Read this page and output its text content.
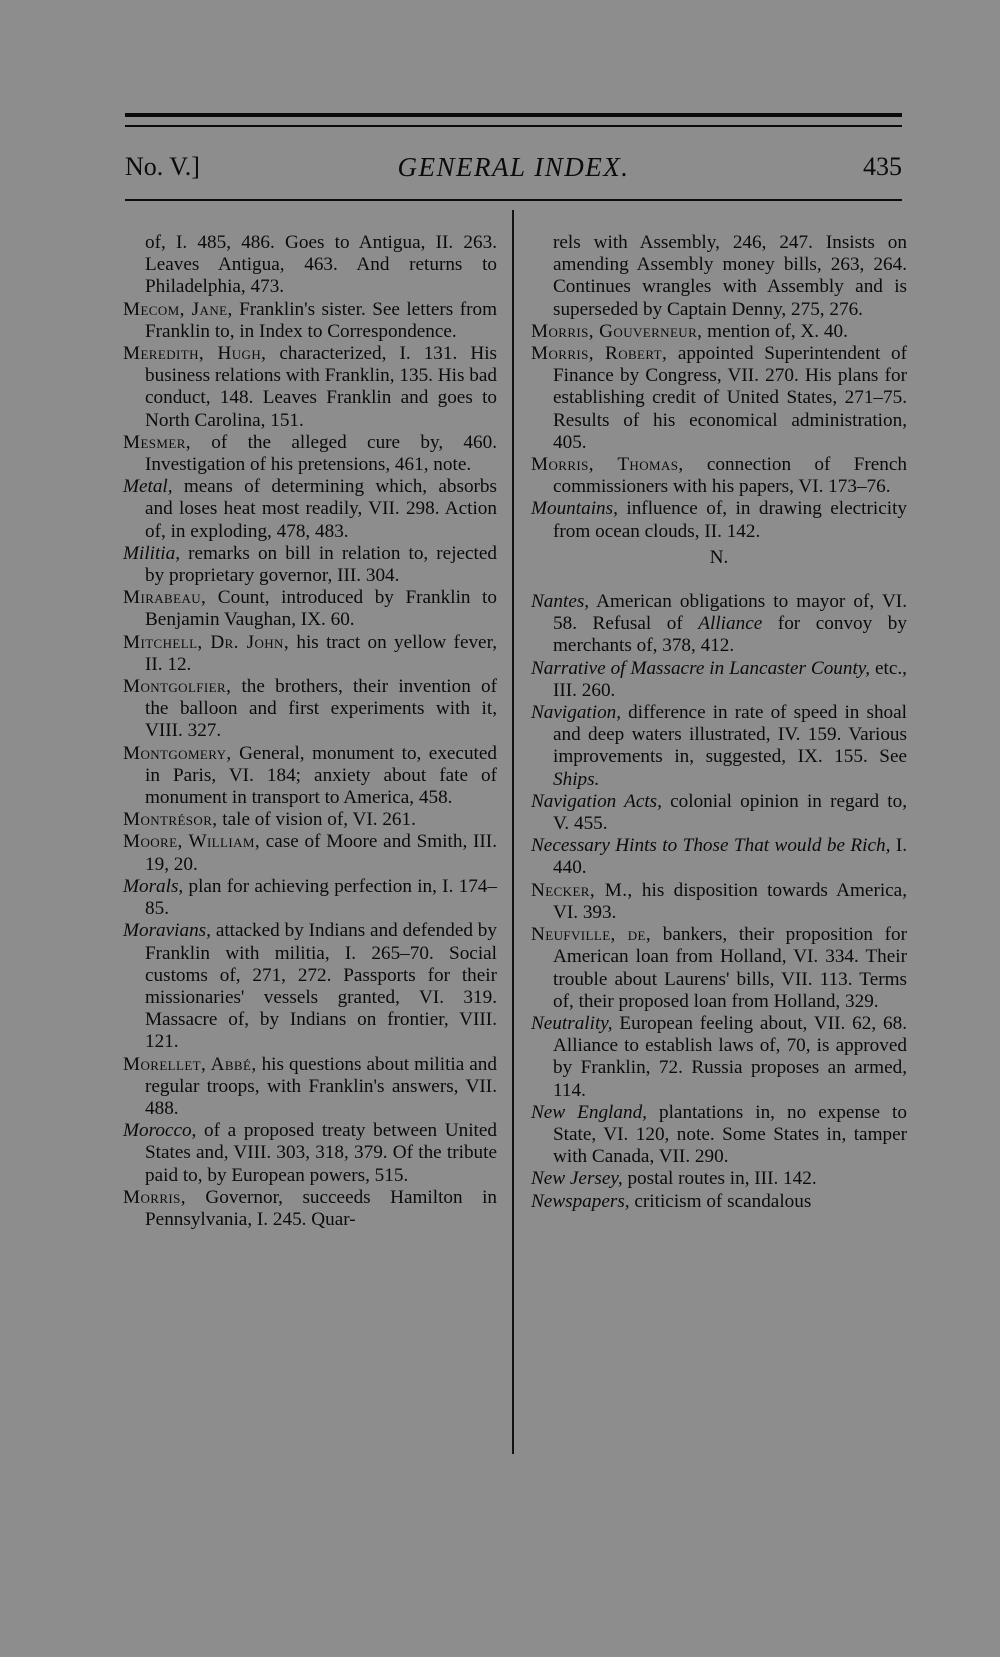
No. V.]	GENERAL INDEX.	435

of, I. 485, 486. Goes to Antigua, II. 263. Leaves Antigua, 463. And returns to Philadelphia, 473.

Mecom, Jane, Franklin's sister. See letters from Franklin to, in Index to Correspondence.

Meredith, Hugh, characterized, I. 131. His business relations with Franklin, 135. His bad conduct, 148. Leaves Franklin and goes to North Carolina, 151.

Mesmer, of the alleged cure by, 460. Investigation of his pretensions, 461, note.

Metal, means of determining which, absorbs and loses heat most readily, VII. 298. Action of, in exploding, 478, 483.

Militia, remarks on bill in relation to, rejected by proprietary governor, III. 304.

Mirabeau, Count, introduced by Franklin to Benjamin Vaughan, IX. 60.

Mitchell, Dr. John, his tract on yellow fever, II. 12.

Montgolfier, the brothers, their invention of the balloon and first experiments with it, VIII. 327.

Montgomery, General, monument to, executed in Paris, VI. 184; anxiety about fate of monument in transport to America, 458.

Montrésor, tale of vision of, VI. 261.

Moore, William, case of Moore and Smith, III. 19, 20.

Morals, plan for achieving perfection in, I. 174–85.

Moravians, attacked by Indians and defended by Franklin with militia, I. 265–70. Social customs of, 271, 272. Passports for their missionaries' vessels granted, VI. 319. Massacre of, by Indians on frontier, VIII. 121.

Morellet, Abbé, his questions about militia and regular troops, with Franklin's answers, VII. 488.

Morocco, of a proposed treaty between United States and, VIII. 303, 318, 379. Of the tribute paid to, by European powers, 515.

Morris, Governor, succeeds Hamilton in Pennsylvania, I. 245. Quar-

rels with Assembly, 246, 247. Insists on amending Assembly money bills, 263, 264. Continues wrangles with Assembly and is superseded by Captain Denny, 275, 276.

Morris, Gouverneur, mention of, X. 40.

Morris, Robert, appointed Superintendent of Finance by Congress, VII. 270. His plans for establishing credit of United States, 271–75. Results of his economical administration, 405.

Morris, Thomas, connection of French commissioners with his papers, VI. 173–76.

Mountains, influence of, in drawing electricity from ocean clouds, II. 142.

N.

Nantes, American obligations to mayor of, VI. 58. Refusal of Alliance for convoy by merchants of, 378, 412.

Narrative of Massacre in Lancaster County, etc., III. 260.

Navigation, difference in rate of speed in shoal and deep waters illustrated, IV. 159. Various improvements in, suggested, IX. 155. See Ships.

Navigation Acts, colonial opinion in regard to, V. 455.

Necessary Hints to Those That would be Rich, I. 440.

Necker, M., his disposition towards America, VI. 393.

Neufville, de, bankers, their proposition for American loan from Holland, VI. 334. Their trouble about Laurens' bills, VII. 113. Terms of, their proposed loan from Holland, 329.

Neutrality, European feeling about, VII. 62, 68. Alliance to establish laws of, 70, is approved by Franklin, 72. Russia proposes an armed, 114.

New England, plantations in, no expense to State, VI. 120, note. Some States in, tamper with Canada, VII. 290.

New Jersey, postal routes in, III. 142.

Newspapers, criticism of scandalous
